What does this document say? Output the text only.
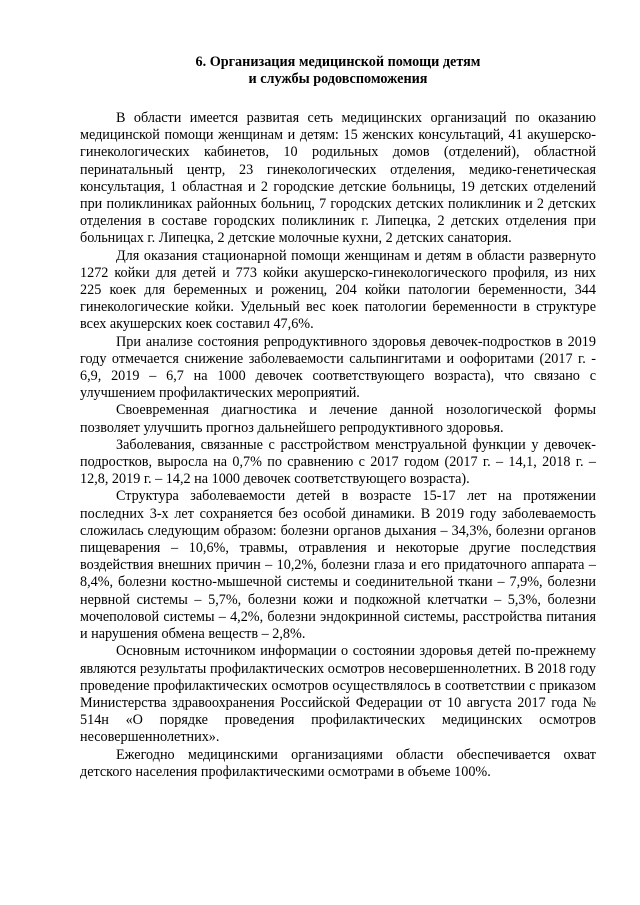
6. Организация медицинской помощи детям
и службы родовспоможения

В области имеется развитая сеть медицинских организаций по оказанию медицинской помощи женщинам и детям: 15 женских консультаций, 41 акушерско-гинекологических кабинетов, 10 родильных домов (отделений), областной перинатальный центр, 23 гинекологических отделения, медико-генетическая консультация, 1 областная и 2 городские детские больницы, 19 детских отделений при поликлиниках районных больниц, 7 городских детских поликлиник и 2 детских отделения в составе городских поликлиник г. Липецка, 2 детских отделения при больницах г. Липецка, 2 детские молочные кухни, 2 детских санатория.

Для оказания стационарной помощи женщинам и детям в области развернуто 1272 койки для детей и 773 койки акушерско-гинекологического профиля, из них 225 коек для беременных и рожениц, 204 койки патологии беременности, 344 гинекологические койки. Удельный вес коек патологии беременности в структуре всех акушерских коек составил 47,6%.

При анализе состояния репродуктивного здоровья девочек-подростков в 2019 году отмечается снижение заболеваемости сальпингитами и оофоритами (2017 г. - 6,9, 2019 – 6,7 на 1000 девочек соответствующего возраста), что связано с улучшением профилактических мероприятий.

Своевременная диагностика и лечение данной нозологической формы позволяет улучшить прогноз дальнейшего репродуктивного здоровья.

Заболевания, связанные с расстройством менструальной функции у девочек-подростков, выросла на 0,7% по сравнению с 2017 годом (2017 г. – 14,1, 2018 г. – 12,8, 2019 г. – 14,2 на 1000 девочек соответствующего возраста).

Структура заболеваемости детей в возрасте 15-17 лет на протяжении последних 3-х лет сохраняется без особой динамики. В 2019 году заболеваемость сложилась следующим образом: болезни органов дыхания – 34,3%, болезни органов пищеварения – 10,6%, травмы, отравления и некоторые другие последствия воздействия внешних причин – 10,2%, болезни глаза и его придаточного аппарата – 8,4%, болезни костно-мышечной системы и соединительной ткани – 7,9%, болезни нервной системы – 5,7%, болезни кожи и подкожной клетчатки – 5,3%, болезни мочеполовой системы – 4,2%, болезни эндокринной системы, расстройства питания и нарушения обмена веществ – 2,8%.

Основным источником информации о состоянии здоровья детей по-прежнему являются результаты профилактических осмотров несовершеннолетних. В 2018 году проведение профилактических осмотров осуществлялось в соответствии с приказом Министерства здравоохранения Российской Федерации от 10 августа 2017 года № 514н «О порядке проведения профилактических медицинских осмотров несовершеннолетних».

Ежегодно медицинскими организациями области обеспечивается охват детского населения профилактическими осмотрами в объеме 100%.
